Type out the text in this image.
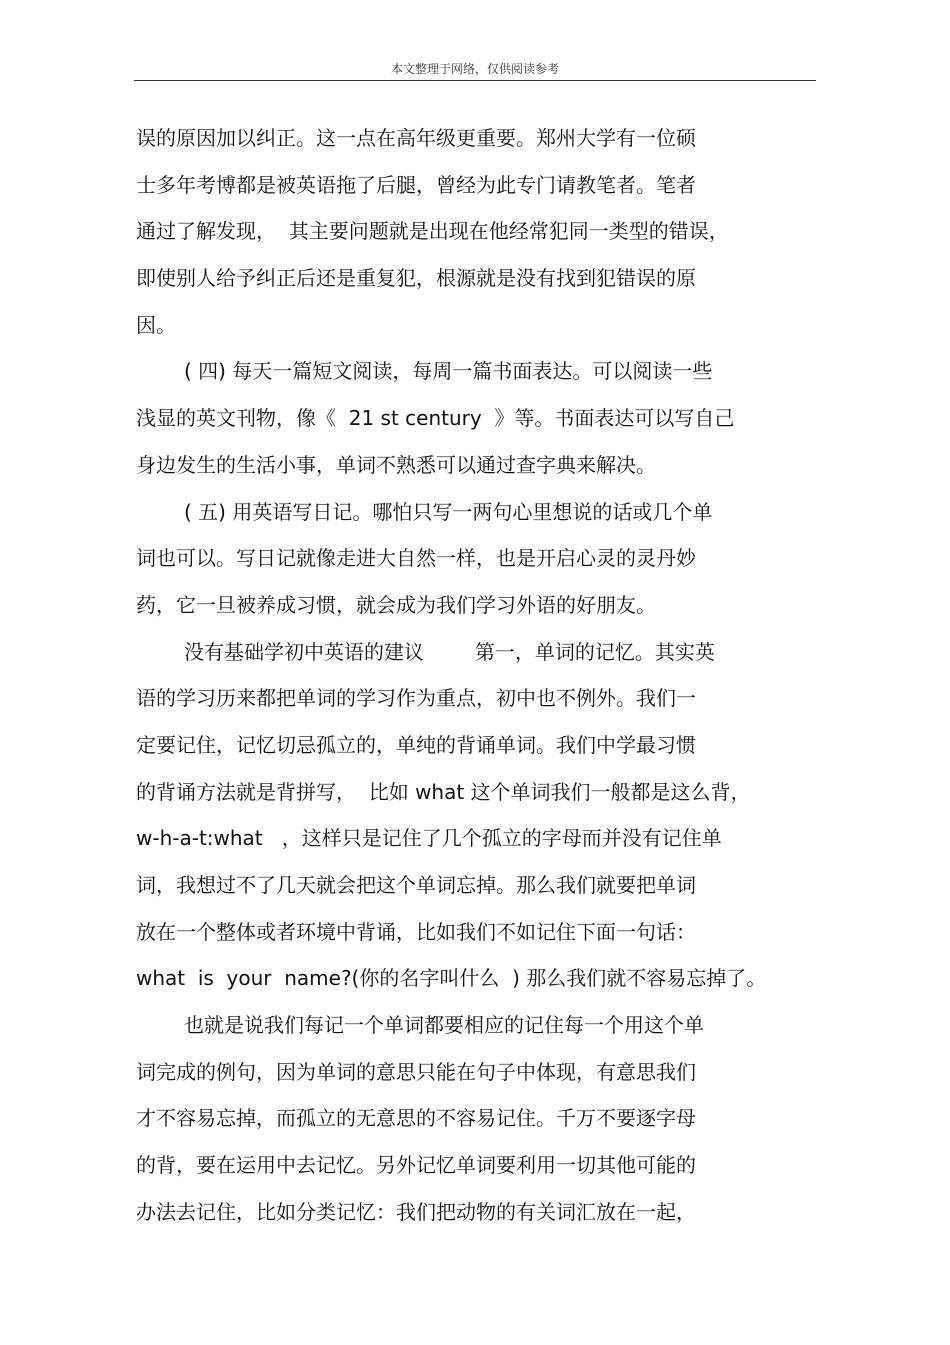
本文整理于网络，仅供阅读参考
误的原因加以纠正。这一点在高年级更重要。郑州大学有一位硕
士多年考博都是被英语拖了后腿，曾经为此专门请教笔者。笔者
通过了解发现，  其主要问题就是出现在他经常犯同一类型的错误，
即使别人给予纠正后还是重复犯，根源就是没有找到犯错误的原
因。
( 四) 每天一篇短文阅读，每周一篇书面表达。可以阅读一些
浅显的英文刊物，像《  21 st century  》等。书面表达可以写自己
身边发生的生活小事，单词不熟悉可以通过查字典来解决。
( 五) 用英语写日记。哪怕只写一两句心里想说的话或几个单
词也可以。写日记就像走进大自然一样，也是开启心灵的灵丹妙
药，它一旦被养成习惯，就会成为我们学习外语的好朋友。
没有基础学初中英语的建议        第一，单词的记忆。其实英
语的学习历来都把单词的学习作为重点，初中也不例外。我们一
定要记住，记忆切忌孤立的，单纯的背诵单词。我们中学最习惯
的背诵方法就是背拼写，  比如 what 这个单词我们一般都是这么背，
w-h-a-t:what   ，这样只是记住了几个孤立的字母而并没有记住单
词，我想过不了几天就会把这个单词忘掉。那么我们就要把单词
放在一个整体或者环境中背诵，比如我们不如记住下面一句话：
what  is  your  name?(你的名字叫什么  ) 那么我们就不容易忘掉了。
也就是说我们每记一个单词都要相应的记住每一个用这个单
词完成的例句，因为单词的意思只能在句子中体现，有意思我们
才不容易忘掉，而孤立的无意思的不容易记住。千万不要逐字母
的背，要在运用中去记忆。另外记忆单词要利用一切其他可能的
办法去记住，比如分类记忆：我们把动物的有关词汇放在一起，
